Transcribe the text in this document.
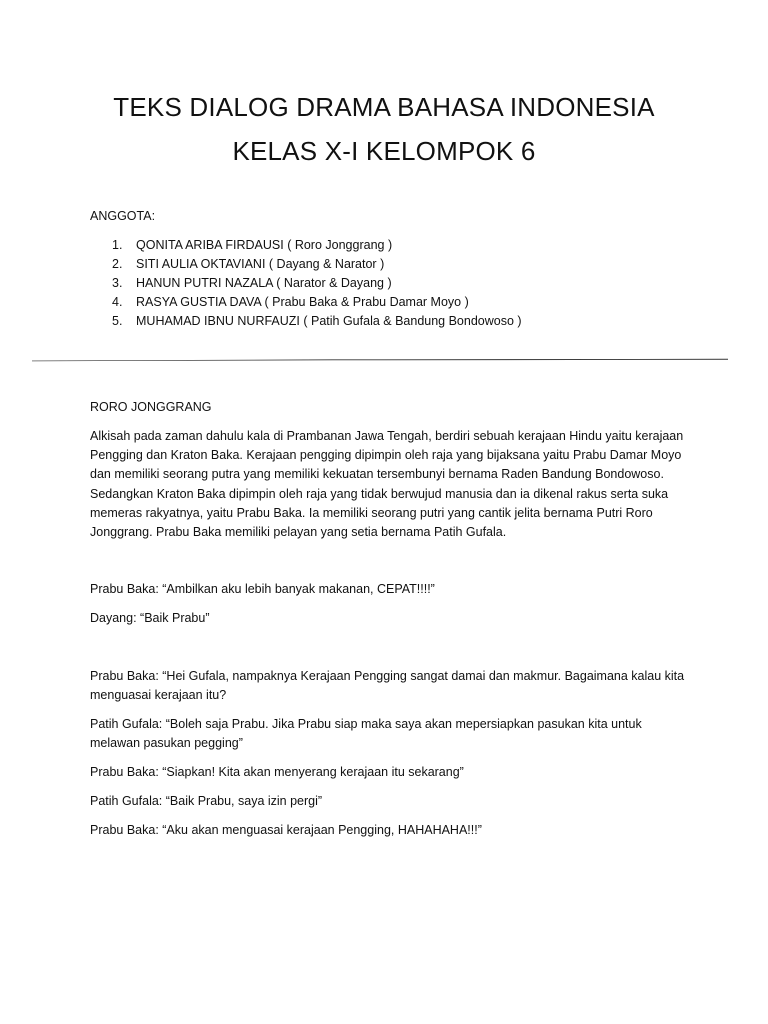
TEKS DIALOG DRAMA BAHASA INDONESIA
KELAS X-I KELOMPOK 6
ANGGOTA:
1.	QONITA ARIBA FIRDAUSI ( Roro Jonggrang )
2.	SITI AULIA OKTAVIANI ( Dayang & Narator )
3.	HANUN PUTRI NAZALA ( Narator & Dayang )
4.	RASYA GUSTIA DAVA ( Prabu Baka & Prabu Damar Moyo )
5.	MUHAMAD IBNU NURFAUZI ( Patih Gufala & Bandung Bondowoso )
RORO JONGGRANG
Alkisah pada zaman dahulu kala di Prambanan Jawa Tengah, berdiri sebuah kerajaan Hindu yaitu kerajaan Pengging dan Kraton Baka. Kerajaan pengging dipimpin oleh raja yang bijaksana yaitu Prabu Damar Moyo dan memiliki seorang putra yang memiliki kekuatan tersembunyi bernama Raden Bandung Bondowoso. Sedangkan Kraton Baka dipimpin oleh raja yang tidak berwujud manusia dan ia dikenal rakus serta suka memeras rakyatnya, yaitu Prabu Baka. Ia memiliki seorang putri yang cantik jelita bernama Putri Roro Jonggrang. Prabu Baka memiliki pelayan yang setia bernama Patih Gufala.
Prabu Baka: “Ambilkan aku lebih banyak makanan, CEPAT!!!!”
Dayang: “Baik Prabu”
Prabu Baka: “Hei Gufala, nampaknya Kerajaan Pengging sangat damai dan makmur. Bagaimana kalau kita menguasai kerajaan itu?
Patih Gufala: “Boleh saja Prabu. Jika Prabu siap maka saya akan mepersiapkan pasukan kita untuk melawan pasukan pegging”
Prabu Baka: “Siapkan! Kita akan menyerang kerajaan itu sekarang”
Patih Gufala: “Baik Prabu, saya izin pergi”
Prabu Baka: “Aku akan menguasai kerajaan Pengging, HAHAHAHA!!!”
